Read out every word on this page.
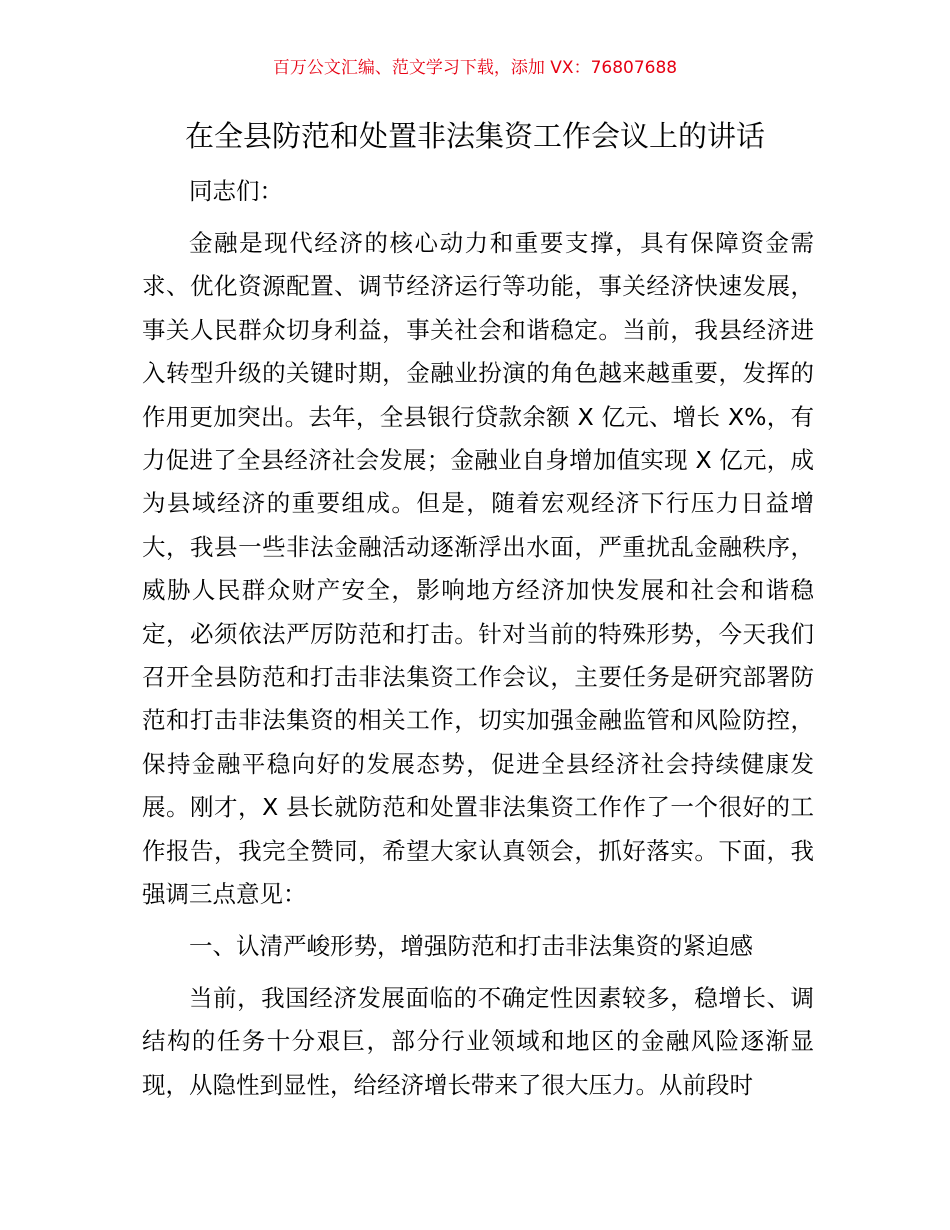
百万公文汇编、范文学习下载，添加 VX：76807688
在全县防范和处置非法集资工作会议上的讲话

同志们：

金融是现代经济的核心动力和重要支撑，具有保障资金需求、优化资源配置、调节经济运行等功能，事关经济快速发展，事关人民群众切身利益，事关社会和谐稳定。当前，我县经济进入转型升级的关键时期，金融业扮演的角色越来越重要，发挥的作用更加突出。去年，全县银行贷款余额 X 亿元、增长 X%，有力促进了全县经济社会发展；金融业自身增加值实现 X 亿元，成为县域经济的重要组成。但是，随着宏观经济下行压力日益增大，我县一些非法金融活动逐渐浮出水面，严重扰乱金融秩序，威胁人民群众财产安全，影响地方经济加快发展和社会和谐稳定，必须依法严厉防范和打击。针对当前的特殊形势，今天我们召开全县防范和打击非法集资工作会议，主要任务是研究部署防范和打击非法集资的相关工作，切实加强金融监管和风险防控，保持金融平稳向好的发展态势，促进全县经济社会持续健康发展。刚才，X 县长就防范和处置非法集资工作作了一个很好的工作报告，我完全赞同，希望大家认真领会，抓好落实。下面，我强调三点意见：

一、认清严峻形势，增强防范和打击非法集资的紧迫感

当前，我国经济发展面临的不确定性因素较多，稳增长、调结构的任务十分艰巨，部分行业领域和地区的金融风险逐渐显现，从隐性到显性，给经济增长带来了很大压力。从前段时
